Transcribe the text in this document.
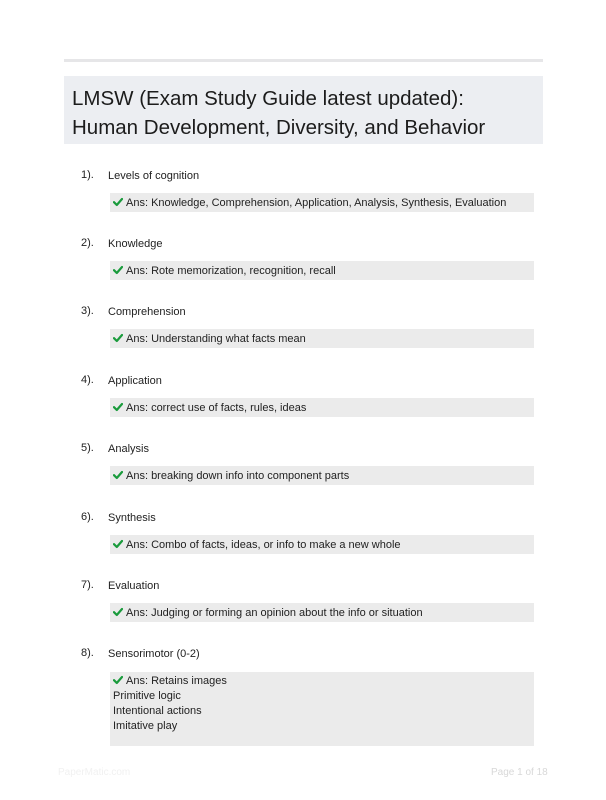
LMSW (Exam Study Guide latest updated):
Human Development, Diversity, and Behavior
1). Levels of cognition
Ans: Knowledge, Comprehension, Application, Analysis, Synthesis, Evaluation
2). Knowledge
Ans: Rote memorization, recognition, recall
3). Comprehension
Ans: Understanding what facts mean
4). Application
Ans: correct use of facts, rules, ideas
5). Analysis
Ans: breaking down info into component parts
6). Synthesis
Ans: Combo of facts, ideas, or info to make a new whole
7). Evaluation
Ans: Judging or forming an opinion about the info or situation
8). Sensorimotor (0-2)
Ans: Retains images
Primitive logic
Intentional actions
Imitative play
PaperMatic.com	Page 1 of 18
